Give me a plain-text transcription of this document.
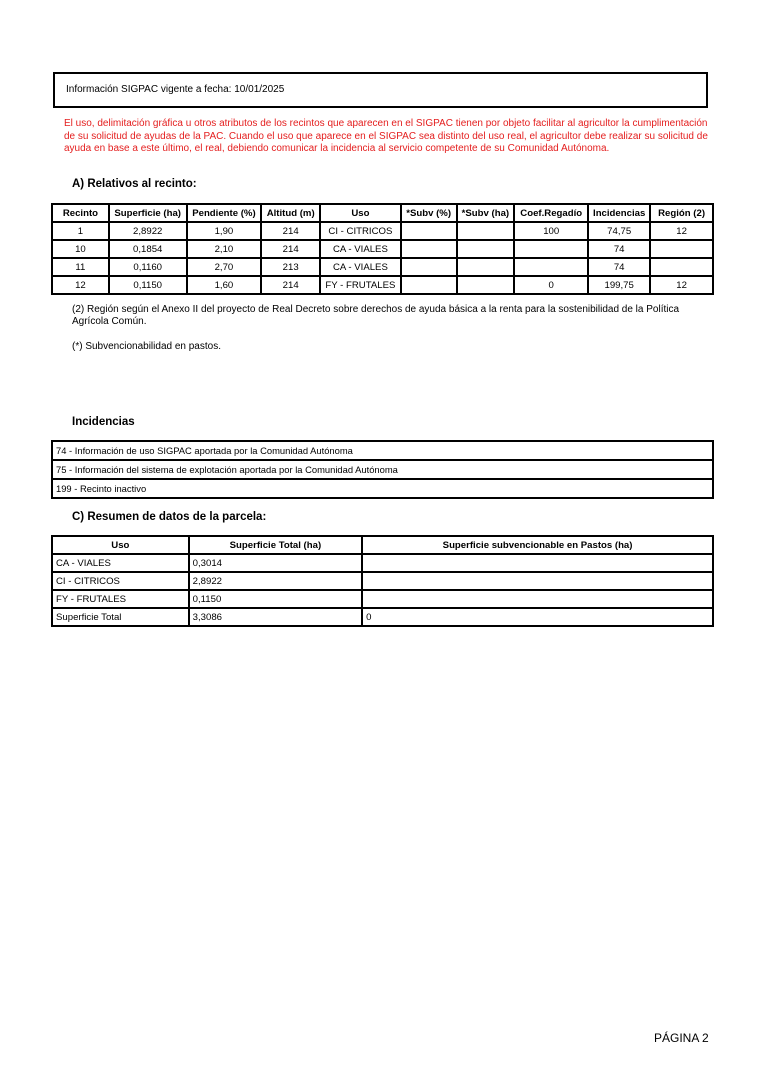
Información SIGPAC vigente a fecha: 10/01/2025
El uso, delimitación gráfica u otros atributos de los recintos que aparecen en el SIGPAC tienen por objeto facilitar al agricultor la cumplimentación de su solicitud de ayudas de la PAC. Cuando el uso que aparece en el SIGPAC sea distinto del uso real, el agricultor debe realizar su solicitud de ayuda en base a este último, el real, debiendo comunicar la incidencia al servicio competente de su Comunidad Autónoma.
A) Relativos al recinto:
Recinto	Superficie (ha)	Pendiente (%)	Altitud (m)	Uso	*Subv (%)	*Subv (ha)	Coef.Regadío	Incidencias	Región (2)
1	2,8922	1,90	214	CI - CITRICOS			100	74,75	12
10	0,1854	2,10	214	CA - VIALES				74	
11	0,1160	2,70	213	CA - VIALES				74	
12	0,1150	1,60	214	FY - FRUTALES			0	199,75	12
(2) Región según el Anexo II del proyecto de Real Decreto sobre derechos de ayuda básica a la renta para la sostenibilidad de la Política Agrícola Común.
(*) Subvencionabilidad en pastos.
Incidencias
74 - Información de uso SIGPAC aportada por la Comunidad Autónoma
75 - Información del sistema de explotación aportada por la Comunidad Autónoma
199 - Recinto inactivo
C) Resumen de datos de la parcela:
Uso	Superficie Total (ha)	Superficie subvencionable en Pastos (ha)
CA - VIALES	0,3014	
CI - CITRICOS	2,8922	
FY - FRUTALES	0,1150	
Superficie Total	3,3086	0
PÁGINA 2
